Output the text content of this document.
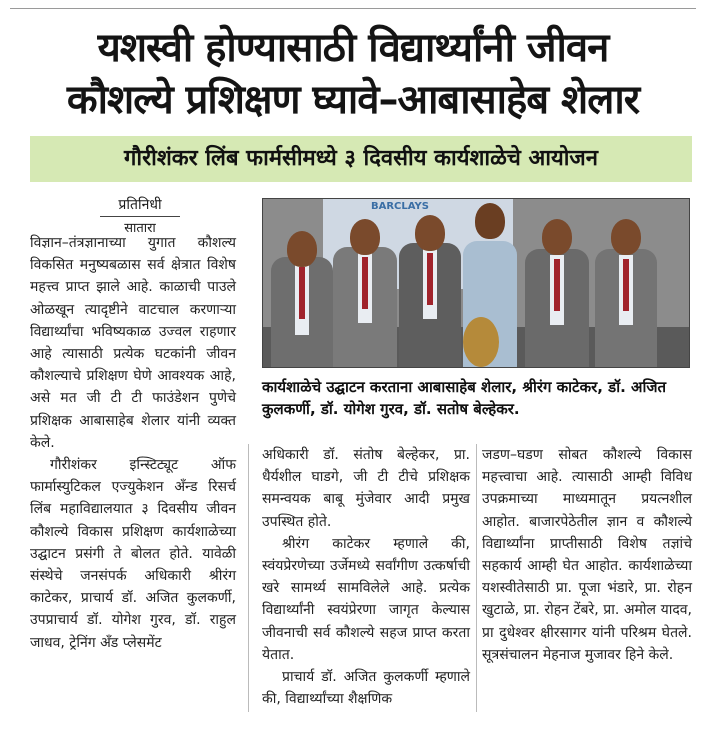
यशस्वी होण्यासाठी विद्यार्थ्यांनी जीवन
कौशल्ये प्रशिक्षण घ्यावे–आबासाहेब शेलार
गौरीशंकर लिंब फार्मसीमध्ये ३ दिवसीय कार्यशाळेचे आयोजन
प्रतिनिधी
सातारा
BARCLAYS
कार्यशाळेचे उद्घाटन करताना आबासाहेब शेलार, श्रीरंग काटेकर, डॉ. अजित कुलकर्णी, डॉ. योगेश गुरव, डॉ. सतोष बेल्हेकर.

विज्ञान–तंत्रज्ञानाच्या युगात कौशल्य विकसित मनुष्यबळास सर्व क्षेत्रात विशेष महत्त्व प्राप्त झाले आहे. काळाची पाउले ओळखून त्यादृष्टीने वाटचाल करणाऱ्या विद्यार्थ्यांचा भविष्यकाळ उज्वल राहणार आहे त्यासाठी प्रत्येक घटकांनी जीवन कौशल्याचे प्रशिक्षण घेणे आवश्यक आहे, असे मत जी टी टी फाउंडेशन पुणेचे प्रशिक्षक आबासाहेब शेलार यांनी व्यक्त केले.

गौरीशंकर इन्स्टिट्यूट ऑफ फार्मास्युटिकल एज्युकेशन अँन्ड रिसर्च लिंब महाविद्यालयात ३ दिवसीय जीवन कौशल्ये विकास प्रशिक्षण कार्यशाळेच्या उद्घाटन प्रसंगी ते बोलत होते. यावेळी संस्थेचे जनसंपर्क अधिकारी श्रीरंग काटेकर, प्राचार्य डॉ. अजित कुलकर्णी, उपप्राचार्य डॉ. योगेश गुरव, डॉ. राहुल जाधव, ट्रेनिंग अँड प्लेसमेंट

अधिकारी डॉ. संतोष बेल्हेकर, प्रा. धैर्यशील घाडगे, जी टी टीचे प्रशिक्षक समन्वयक बाबू मुंजेवार आदी प्रमुख उपस्थित होते.

श्रीरंग काटेकर म्हणाले की, स्वंयप्रेरणेच्या उर्जेमध्ये सर्वांगीण उत्कर्षाची खरे सामर्थ्य सामविलेले आहे. प्रत्येक विद्यार्थ्यांनी स्वयंप्रेरणा जागृत केल्यास जीवनाची सर्व कौशल्ये सहज प्राप्त करता येतात.

प्राचार्य डॉ. अजित कुलकर्णी म्हणाले की, विद्यार्थ्यांच्या शैक्षणिक

जडण–घडण सोबत कौशल्ये विकास महत्त्वाचा आहे. त्यासाठी आम्ही विविध उपक्रमाच्या माध्यमातून प्रयत्नशील आहोत. बाजारपेठेतील ज्ञान व कौशल्ये विद्यार्थ्यांना प्राप्तीसाठी विशेष तज्ञांचे सहकार्य आम्ही घेत आहोत. कार्यशाळेच्या यशस्वीतेसाठी प्रा. पूजा भंडारे, प्रा. रोहन खुटाळे, प्रा. रोहन टेंबरे, प्रा. अमोल यादव, प्रा दुधेश्वर क्षीरसागर यांनी परिश्रम घेतले. सूत्रसंचालन मेहनाज मुजावर हिने केले.
